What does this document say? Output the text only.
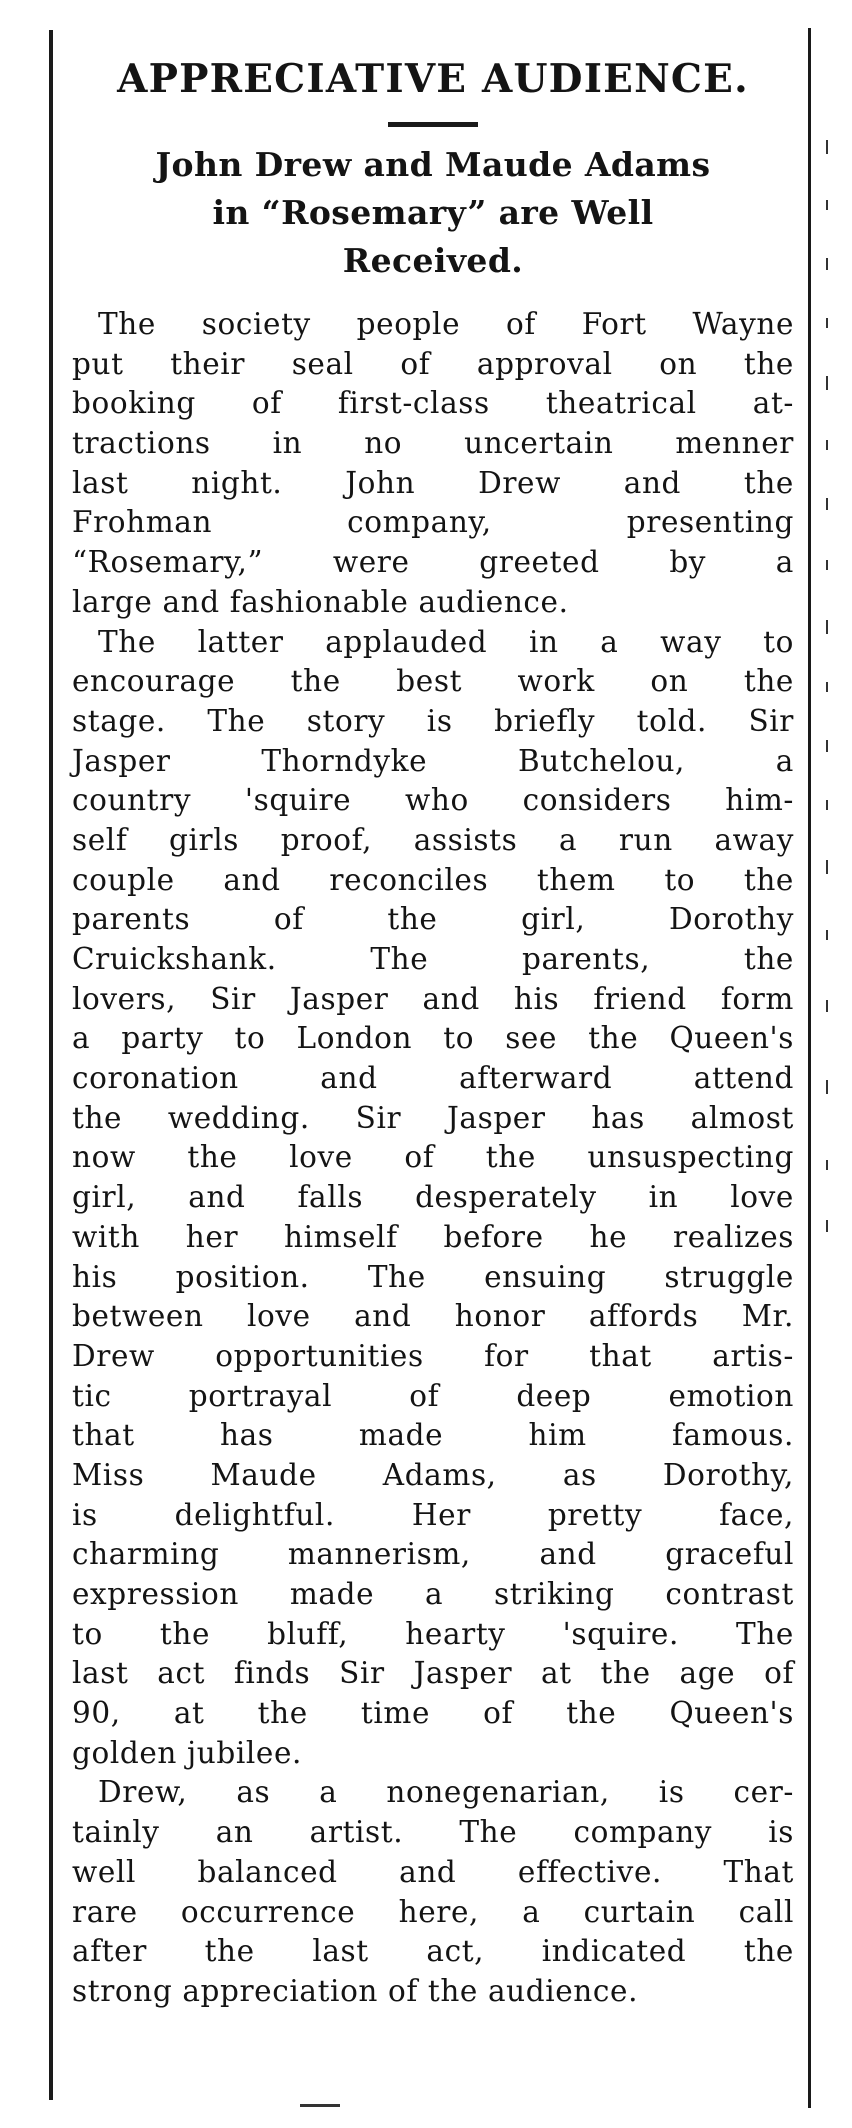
APPRECIATIVE AUDIENCE.
John Drew and Maude Adams
in “Rosemary” are Well
Received.
The society people of Fort Wayne
put their seal of approval on the
booking of first-class theatrical at-
tractions in no uncertain menner
last night. John Drew and the
Frohman company, presenting
“Rosemary,” were greeted by a
large and fashionable audience.
The latter applauded in a way to
encourage the best work on the
stage. The story is briefly told. Sir
Jasper Thorndyke Butchelou, a
country 'squire who considers him-
self girls proof, assists a run away
couple and reconciles them to the
parents of the girl, Dorothy
Cruickshank. The parents, the
lovers, Sir Jasper and his friend form
a party to London to see the Queen's
coronation and afterward attend
the wedding. Sir Jasper has almost
now the love of the unsuspecting
girl, and falls desperately in love
with her himself before he realizes
his position. The ensuing struggle
between love and honor affords Mr.
Drew opportunities for that artis-
tic portrayal of deep emotion
that has made him famous.
Miss Maude Adams, as Dorothy,
is delightful. Her pretty face,
charming mannerism, and graceful
expression made a striking contrast
to the bluff, hearty 'squire. The
last act finds Sir Jasper at the age of
90, at the time of the Queen's
golden jubilee.
Drew, as a nonegenarian, is cer-
tainly an artist. The company is
well balanced and effective. That
rare occurrence here, a curtain call
after the last act, indicated the
strong appreciation of the audience.
